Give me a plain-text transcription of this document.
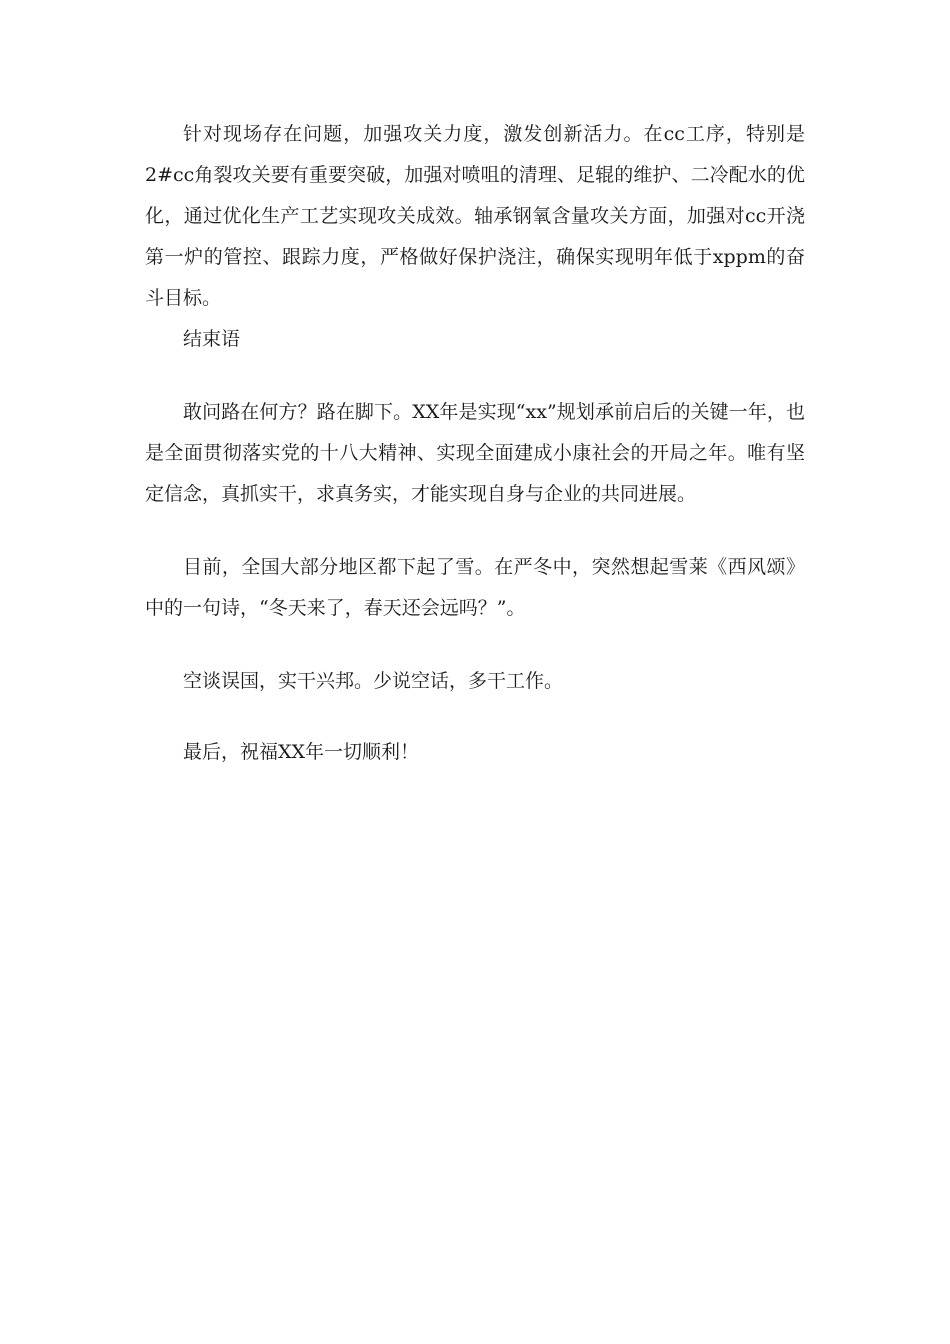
针对现场存在问题，加强攻关力度，激发创新活力。在cc工序，特别是2#cc角裂攻关要有重要突破，加强对喷咀的清理、足辊的维护、二冷配水的优化，通过优化生产工艺实现攻关成效。轴承钢氧含量攻关方面，加强对cc开浇第一炉的管控、跟踪力度，严格做好保护浇注，确保实现明年低于xppm的奋斗目标。

结束语

敢问路在何方？路在脚下。XX年是实现“xx”规划承前启后的关键一年，也是全面贯彻落实党的十八大精神、实现全面建成小康社会的开局之年。唯有坚定信念，真抓实干，求真务实，才能实现自身与企业的共同进展。

目前，全国大部分地区都下起了雪。在严冬中，突然想起雪莱《西风颂》中的一句诗，“冬天来了，春天还会远吗？”。

空谈误国，实干兴邦。少说空话，多干工作。

最后，祝福XX年一切顺利！
